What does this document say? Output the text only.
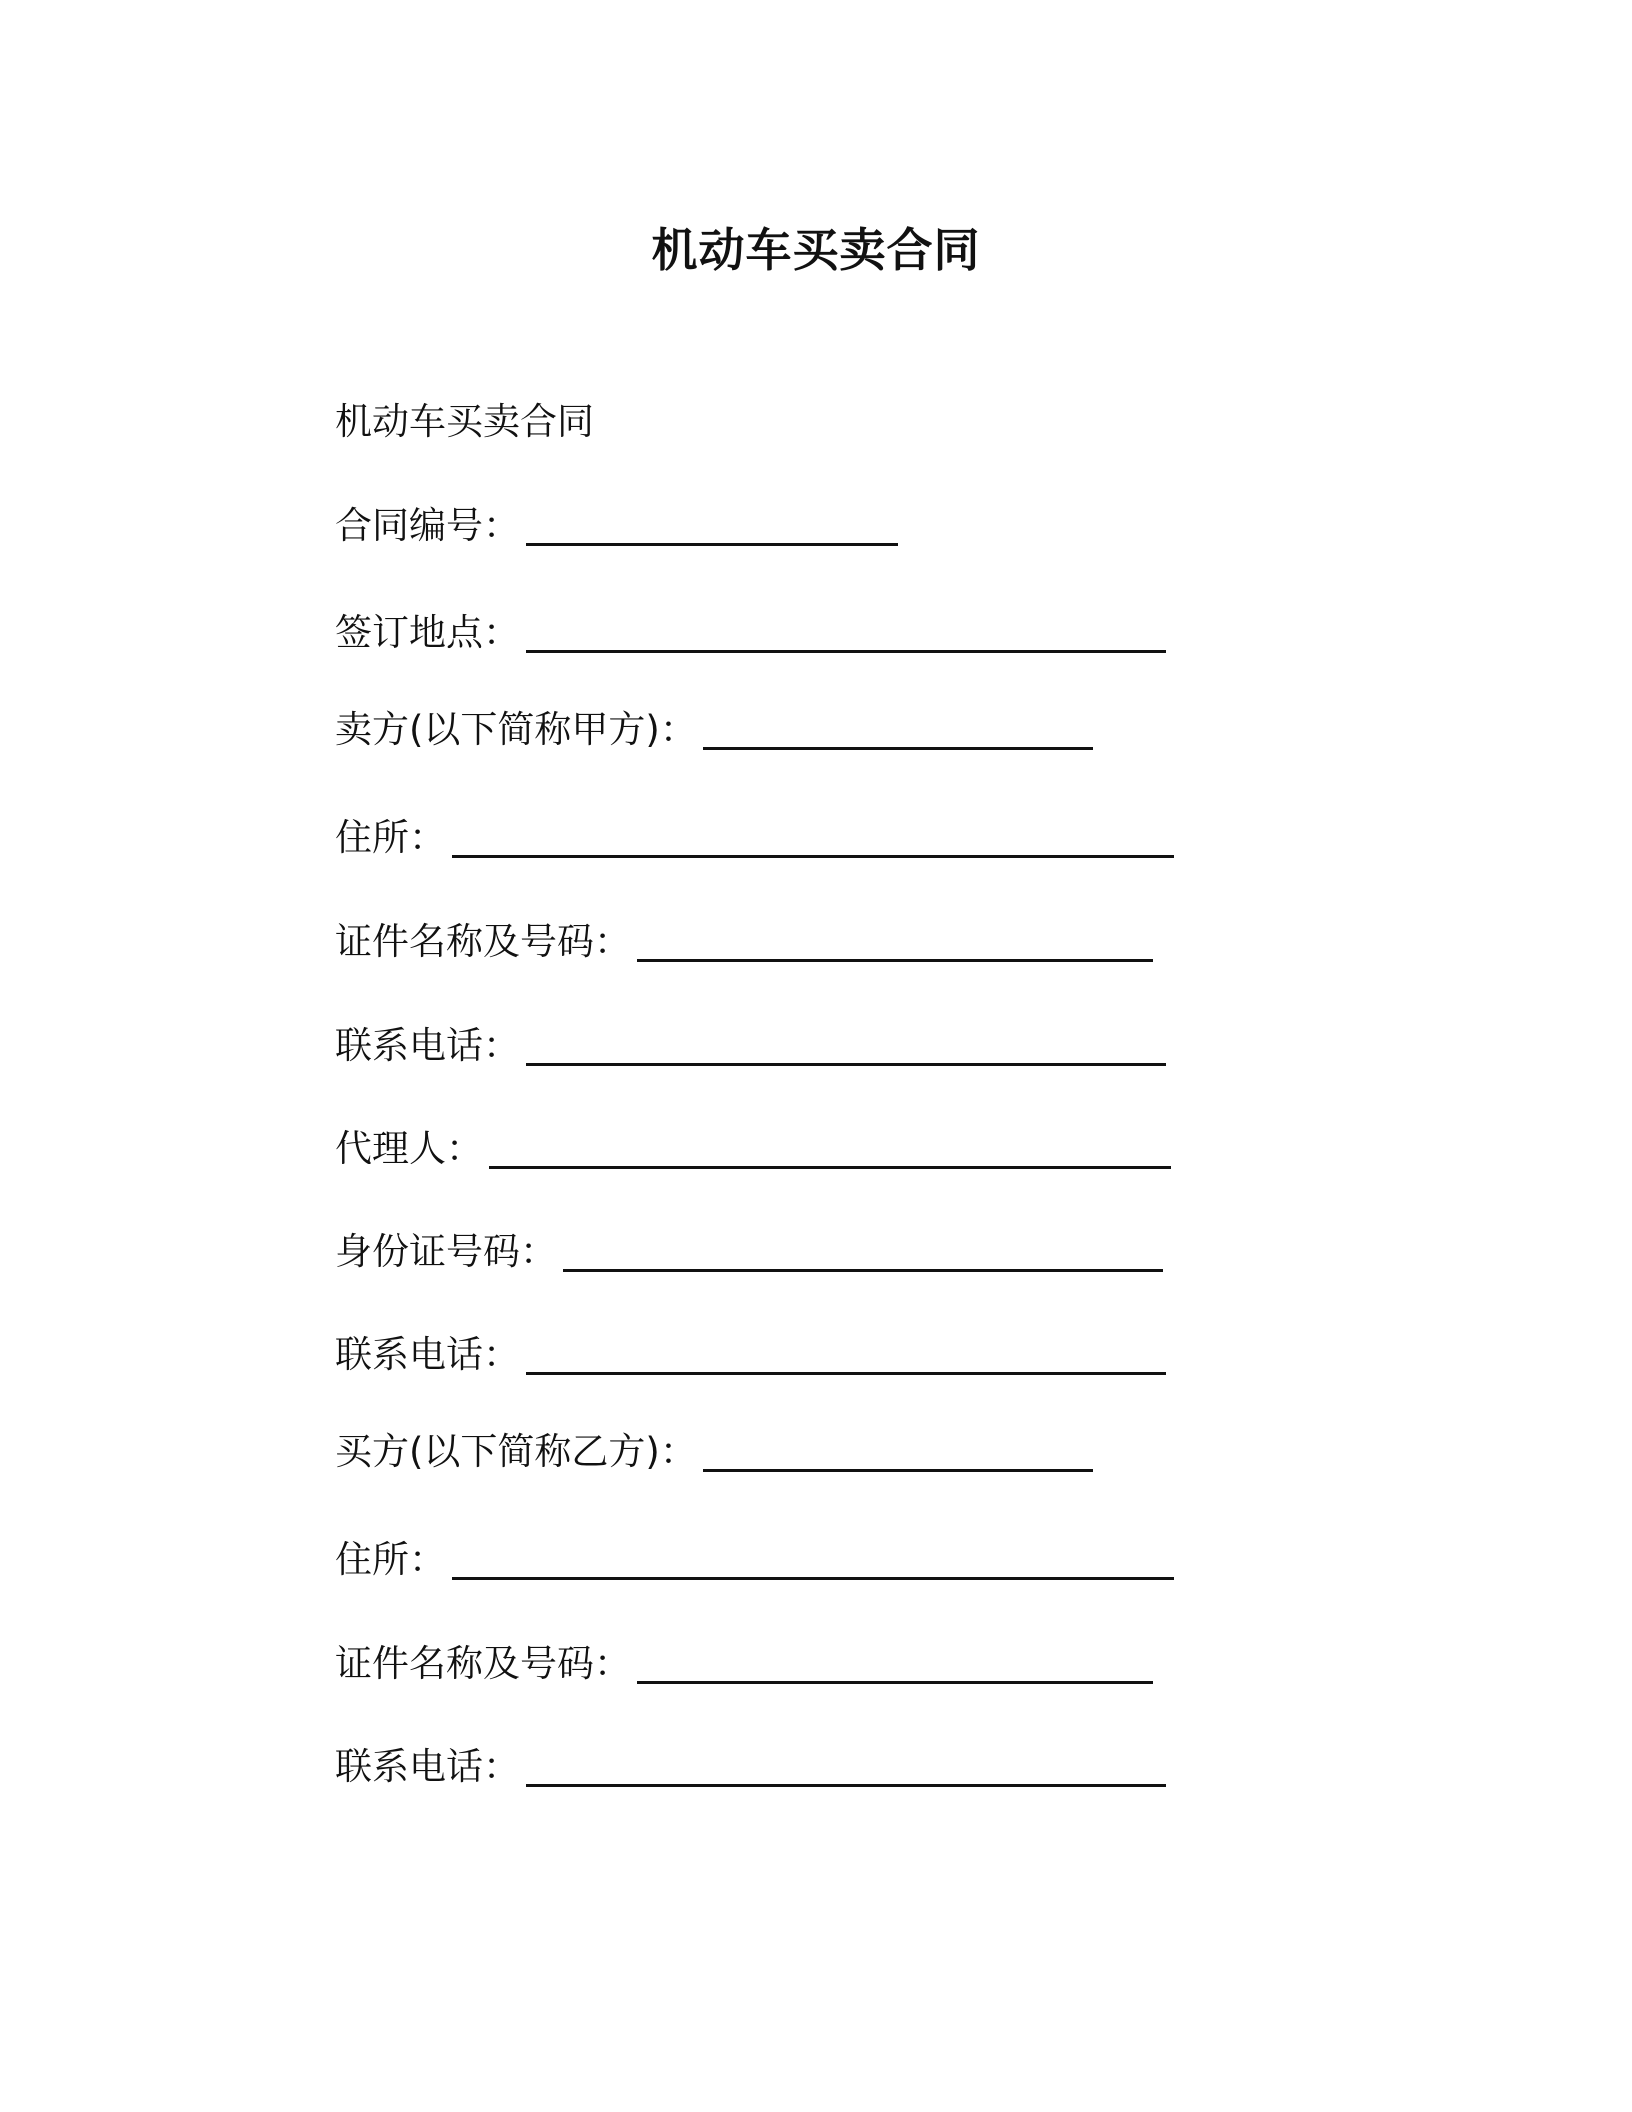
机动车买卖合同
机动车买卖合同
合同编号：
签订地点：
卖方(以下简称甲方)：
住所：
证件名称及号码：
联系电话：
代理人：
身份证号码：
联系电话：
买方(以下简称乙方)：
住所：
证件名称及号码：
联系电话：
